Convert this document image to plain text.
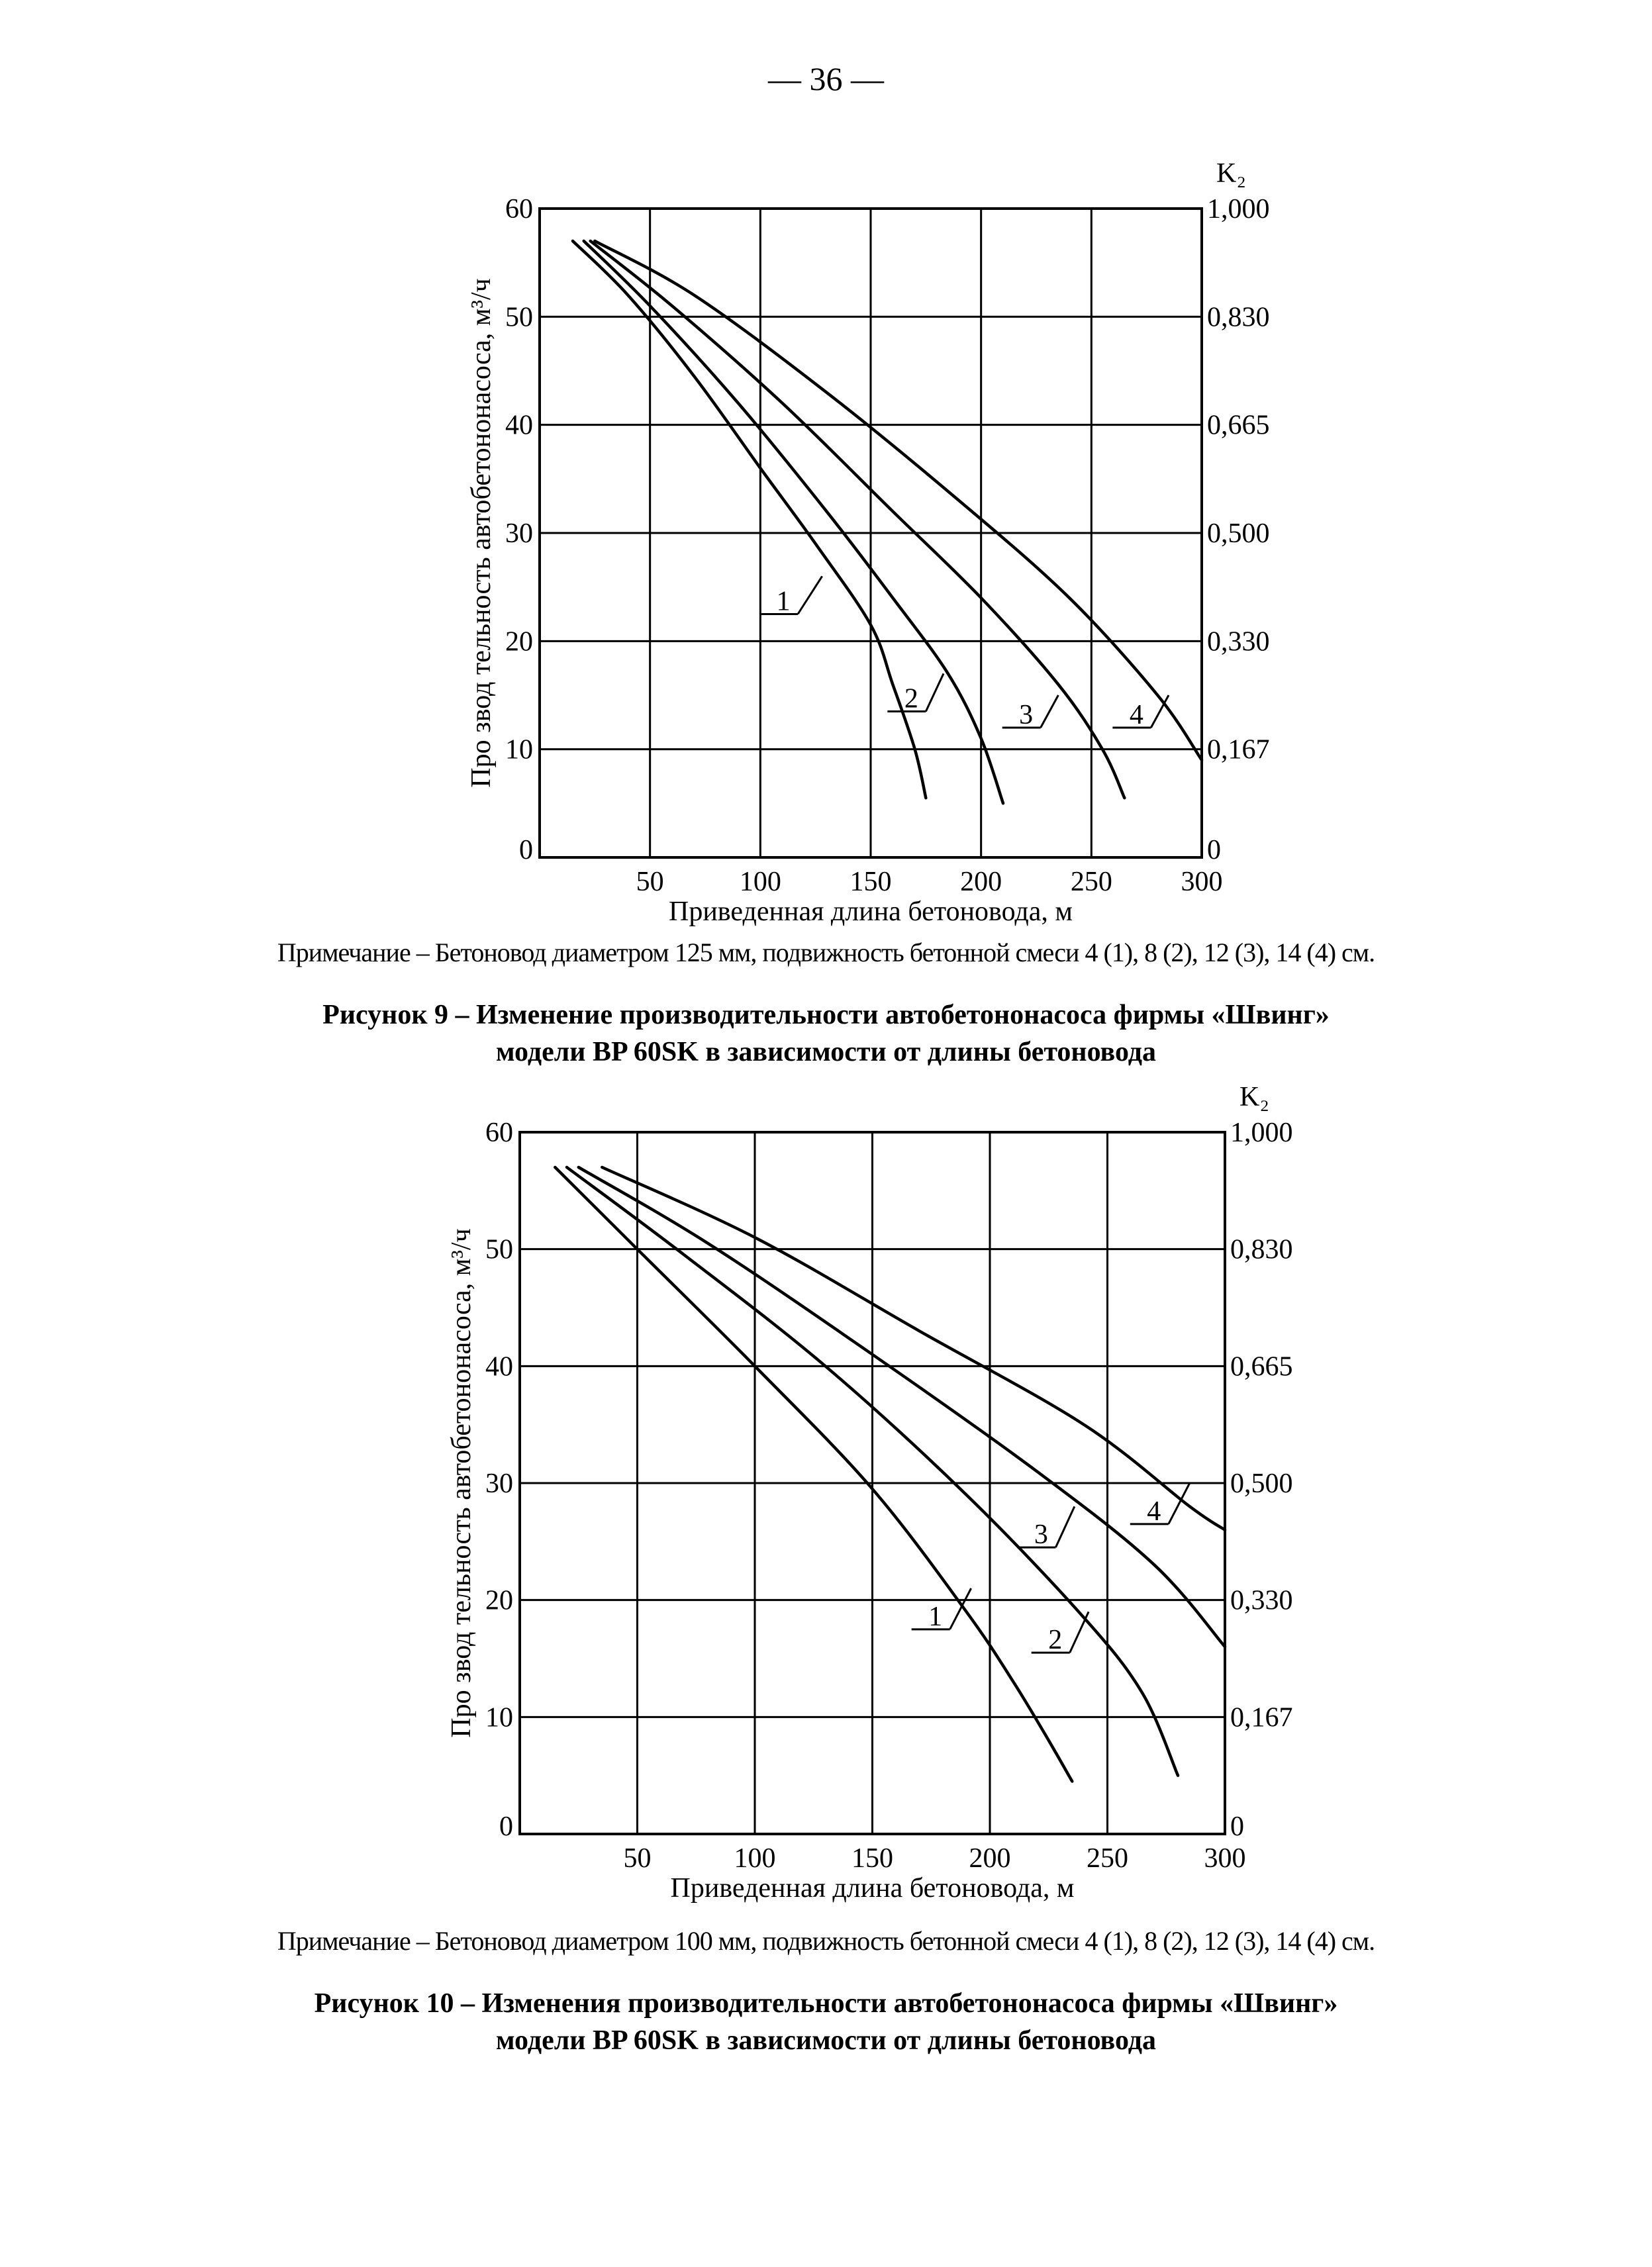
— 36 —
0
10
20
30
40
50
60
0
0,167
0,330
0,500
0,665
0,830
1,000
K₂
50	100 150 200 250 300
Приведенная длина бетоновода, м
Про звод тельность автобетононасоса, м³/ч	1
2
3	4
Примечание – Бетоновод диаметром 125 мм, подвижность бетонной смеси 4 (1), 8 (2), 12 (3), 14 (4) см.
Рисунок 9 – Изменение производительности автобетононасоса фирмы «Швинг»
модели BP 60SK в зависимости от длины бетоновода
0
10
20
30
40
50
60
0
0,167
0,330
0,500
0,665
0,830
1,000
K₂
50	100	150	200	250	300
Приведенная длина бетоновода, м
Про звод тельность автобетононасоса, м³/ч	1
2
3
4
Примечание – Бетоновод диаметром 100 мм, подвижность бетонной смеси 4 (1), 8 (2), 12 (3), 14 (4) см.
Рисунок 10 – Изменения производительности автобетононасоса фирмы «Швинг»
модели BP 60SK в зависимости от длины бетоновода
